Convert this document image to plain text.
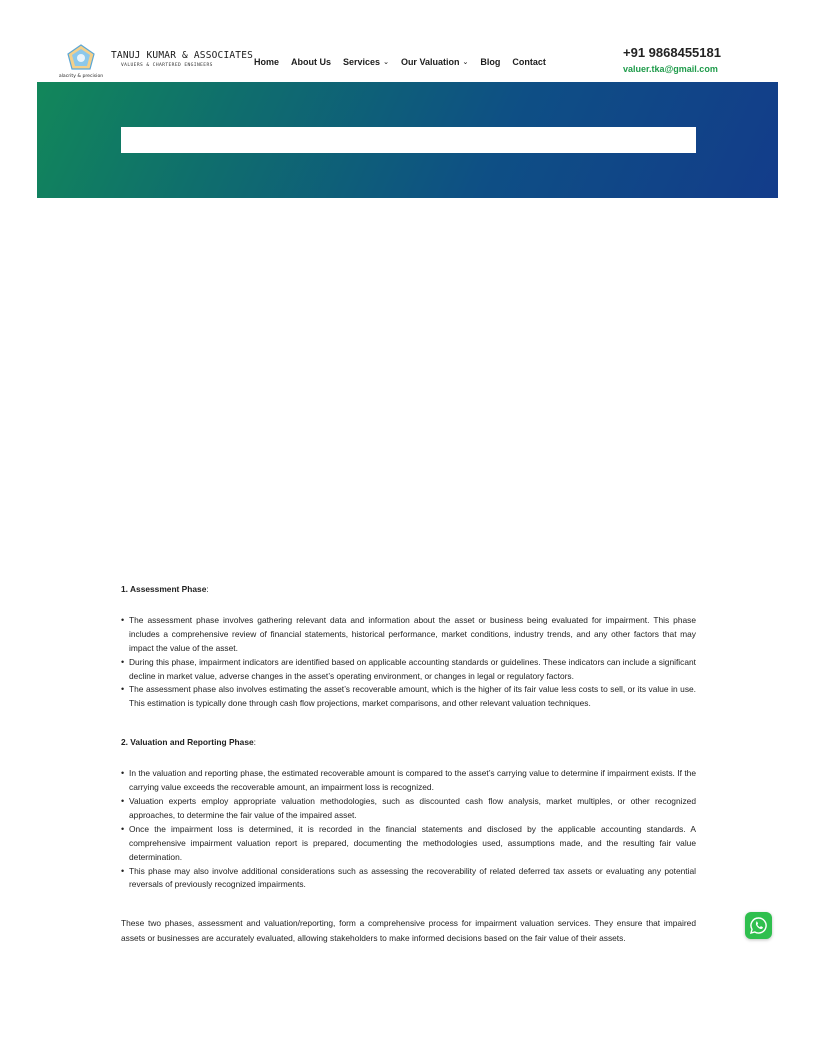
alacrity & precision
TANUJ KUMAR & ASSOCIATES
VALUERS & CHARTERED ENGINEERS	Home About Us Services ⌄ Our Valuation ⌄ Blog Contact
+91 9868455181
valuer.tka@gmail.com

1. Assessment Phase:

• The assessment phase involves gathering relevant data and information about the asset or business being evaluated for impairment. This phase includes a comprehensive review of financial statements, historical performance, market conditions, industry trends, and any other factors that may impact the value of the asset.
• During this phase, impairment indicators are identified based on applicable accounting standards or guidelines. These indicators can include a significant decline in market value, adverse changes in the asset’s operating environment, or changes in legal or regulatory factors.
• The assessment phase also involves estimating the asset’s recoverable amount, which is the higher of its fair value less costs to sell, or its value in use. This estimation is typically done through cash flow projections, market comparisons, and other relevant valuation techniques.

2. Valuation and Reporting Phase:

• In the valuation and reporting phase, the estimated recoverable amount is compared to the asset’s carrying value to determine if impairment exists. If the carrying value exceeds the recoverable amount, an impairment loss is recognized.
• Valuation experts employ appropriate valuation methodologies, such as discounted cash flow analysis, market multiples, or other recognized approaches, to determine the fair value of the impaired asset.
• Once the impairment loss is determined, it is recorded in the financial statements and disclosed by the applicable accounting standards. A comprehensive impairment valuation report is prepared, documenting the methodologies used, assumptions made, and the resulting fair value determination.
• This phase may also involve additional considerations such as assessing the recoverability of related deferred tax assets or evaluating any potential reversals of previously recognized impairments.

These two phases, assessment and valuation/reporting, form a comprehensive process for impairment valuation services. They ensure that impaired assets or businesses are accurately evaluated, allowing stakeholders to make informed decisions based on the fair value of their assets.
